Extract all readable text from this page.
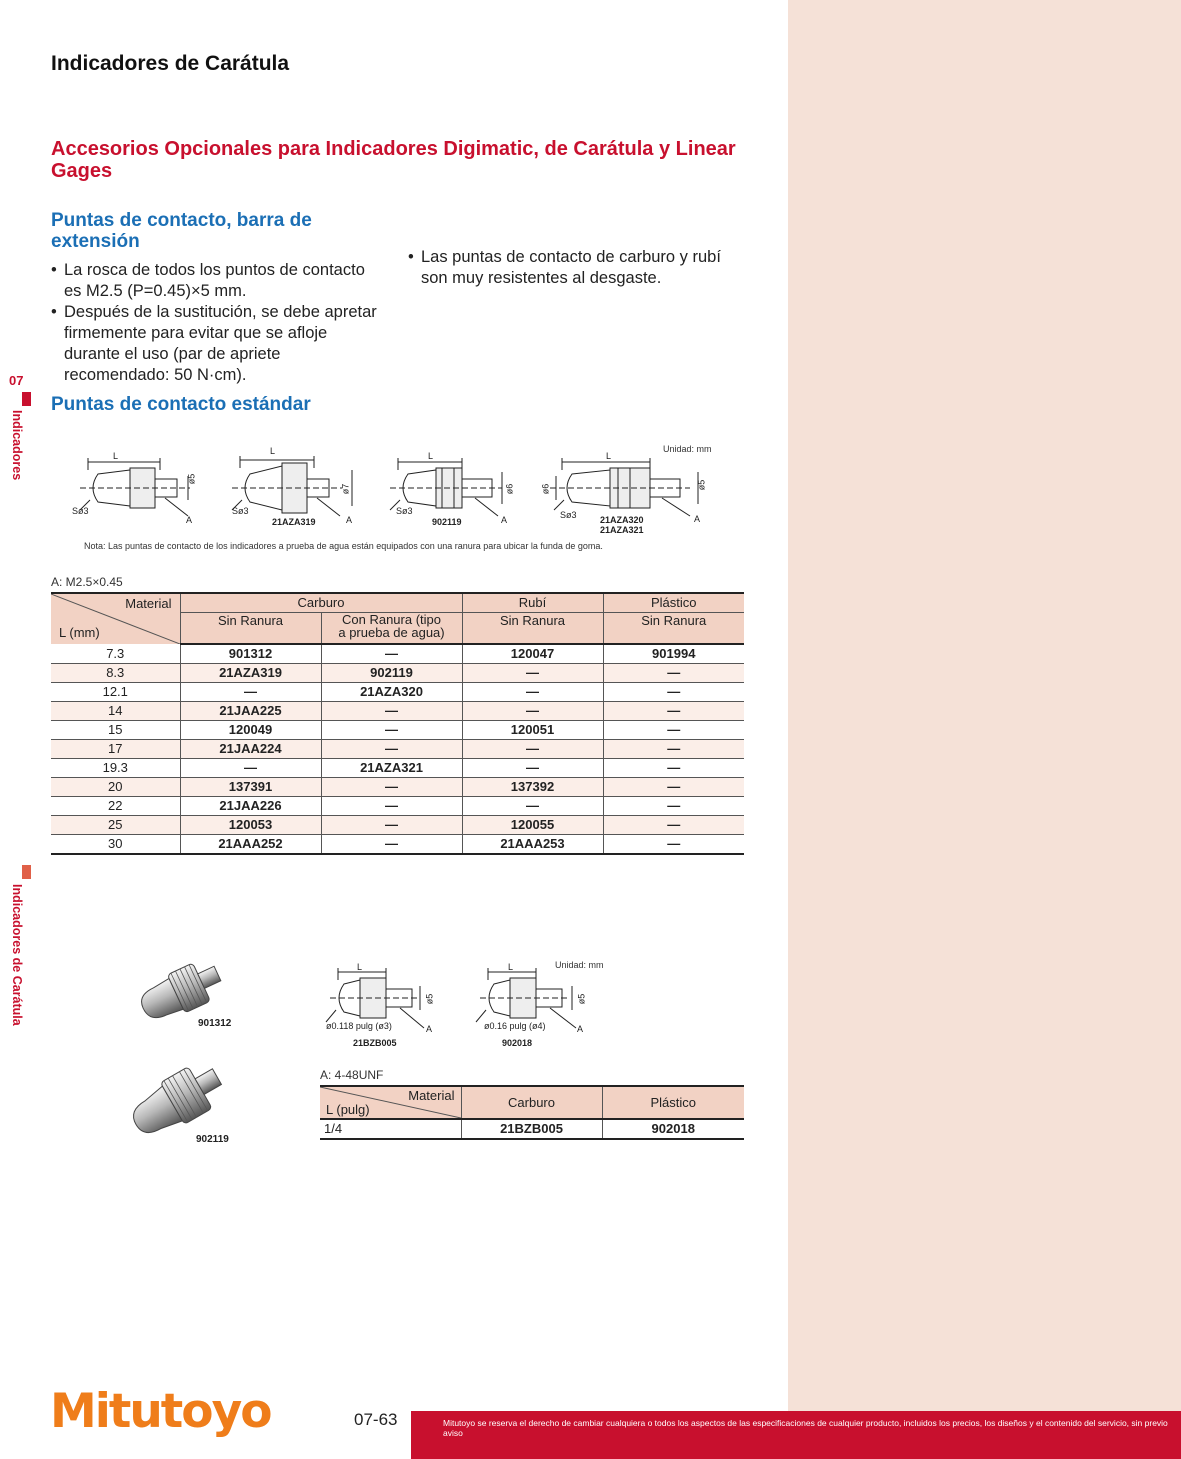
Indicadores de Carátula
Accesorios Opcionales para Indicadores Digimatic, de Carátula y Linear Gages
Puntas de contacto, barra de extensión
• La rosca de todos los puntos de contacto es M2.5 (P=0.45)×5 mm.
• Después de la sustitución, se debe apretar firmemente para evitar que se afloje durante el uso (par de apriete recomendado: 50 N·cm).
• Las puntas de contacto de carburo y rubí son muy resistentes al desgaste.
Puntas de contacto estándar
07
Indicadores
Indicadores de Carátula
Unidad: mm
L
Sø3
A
ø5
L
Sø3
A
ø7
21AZA319
L
Sø3
A
ø6
902119
L
ø6
Sø3	A
ø5
21AZA320
21AZA321
Nota: Las puntas de contacto de los indicadores a prueba de agua están equipados con una ranura para ubicar la funda de goma.
A: M2.5×0.45
Material
L (mm)	Carburo		Rubí	Plástico
	Sin Ranura	Con Ranura (tipo
a prueba de agua)	Sin Ranura	Sin Ranura
7.3	901312	—	120047	901994
8.3	21AZA319	902119	—	—
12.1	—	21AZA320	—	—
14	21JAA225	—	—	—
15	120049	—	120051	—
17	21JAA224	—	—	—
19.3	—	21AZA321	—	—
20	137391	—	137392	—
22	21JAA226	—	—	—
25	120053	—	120055	—
30	21AAA252	—	21AAA253	—
901312
902119
Unidad: mm
L
ø0.118 pulg (ø3)	A
ø5
21BZB005
L
ø0.16 pulg (ø4)	A
ø5
902018
A: 4-48UNF
Material
L (pulg)	Carburo	Plástico
1/4	21BZB005	902018
Mitutoyo	07-63	Mitutoyo se reserva el derecho de cambiar cualquiera o todos los aspectos de las especificaciones de cualquier producto, incluidos los precios, los diseños y el contenido del servicio, sin previo aviso
